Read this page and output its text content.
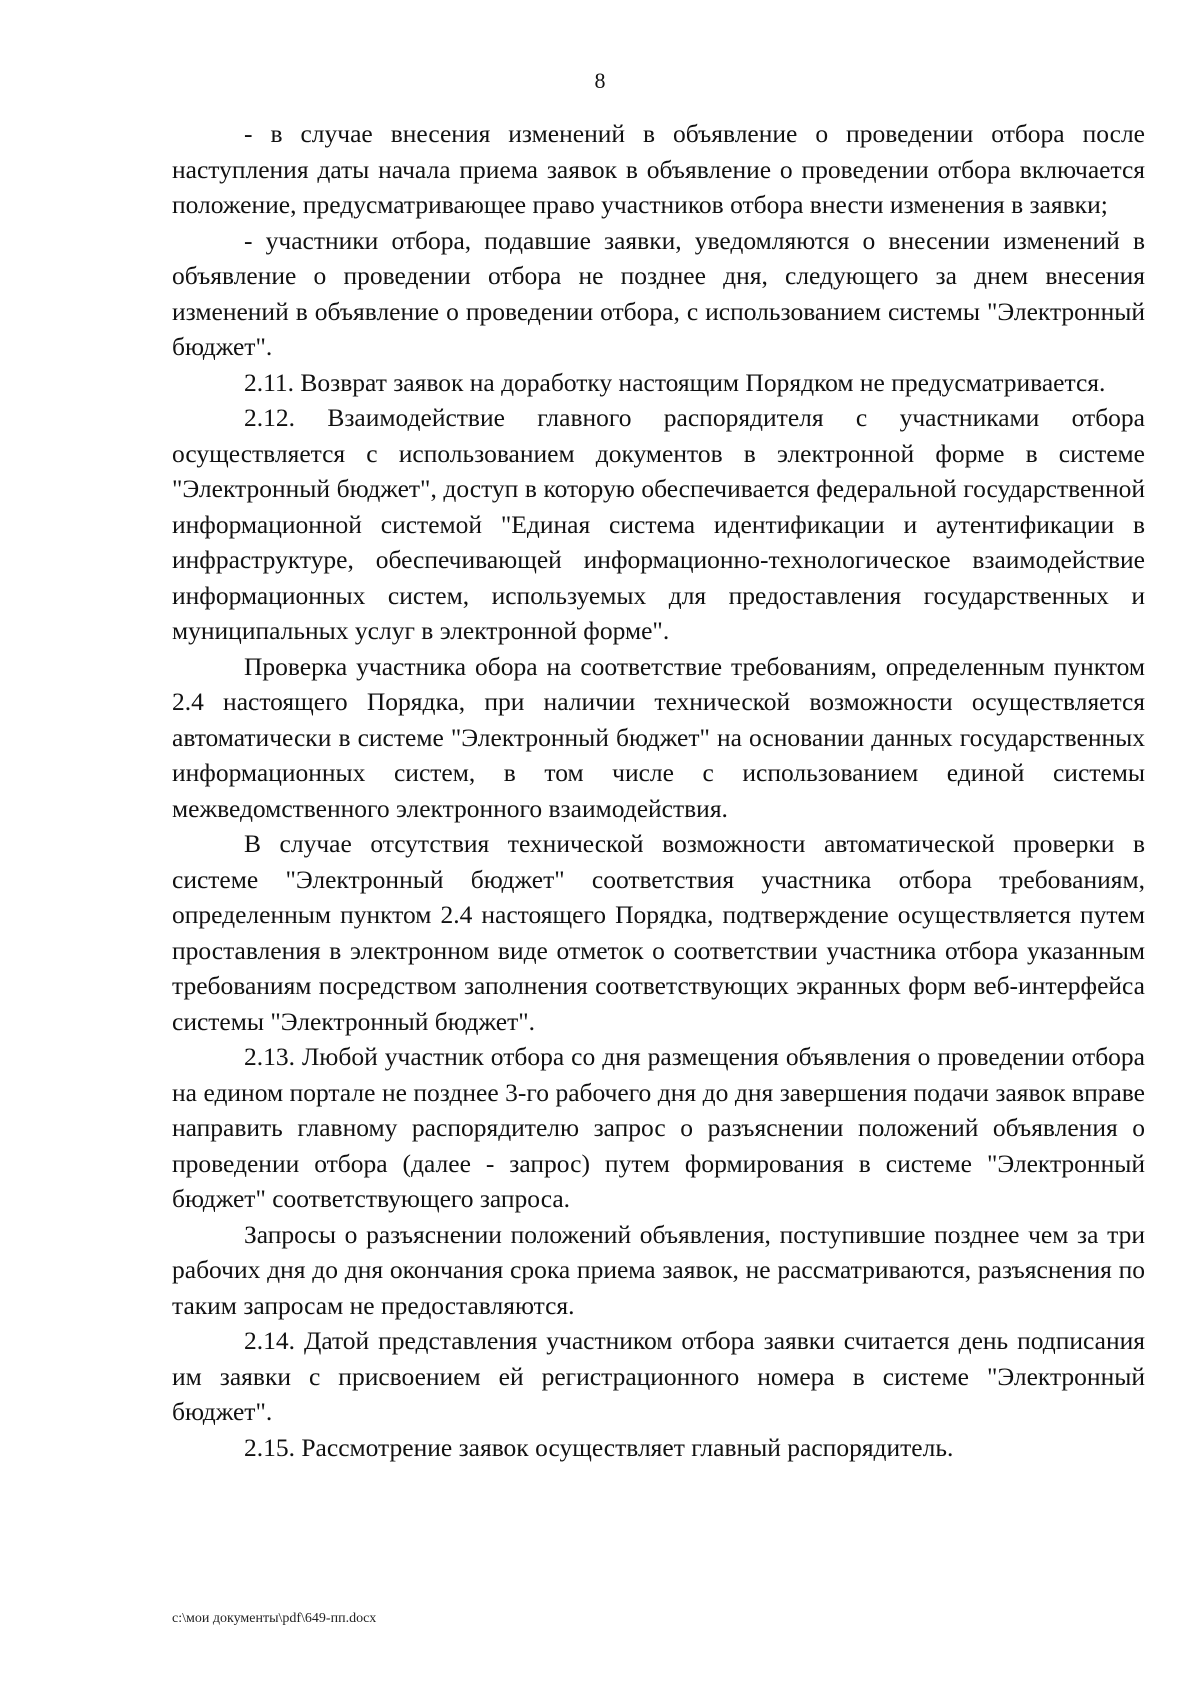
8

- в случае внесения изменений в объявление о проведении отбора после наступления даты начала приема заявок в объявление о проведении отбора включается положение, предусматривающее право участников отбора внести изменения в заявки;

- участники отбора, подавшие заявки, уведомляются о внесении изменений в объявление о проведении отбора не позднее дня, следующего за днем внесения изменений в объявление о проведении отбора, с использованием системы "Электронный бюджет".

2.11. Возврат заявок на доработку настоящим Порядком не предусматривается.

2.12. Взаимодействие главного распорядителя с участниками отбора осуществляется с использованием документов в электронной форме в системе "Электронный бюджет", доступ в которую обеспечивается федеральной государственной информационной системой "Единая система идентификации и аутентификации в инфраструктуре, обеспечивающей информационно-технологическое взаимодействие информационных систем, используемых для предоставления государственных и муниципальных услуг в электронной форме".

Проверка участника обора на соответствие требованиям, определенным пунктом 2.4 настоящего Порядка, при наличии технической возможности осуществляется автоматически в системе "Электронный бюджет" на основании данных государственных информационных систем, в том числе с использованием единой системы межведомственного электронного взаимодействия.

В случае отсутствия технической возможности автоматической проверки в системе "Электронный бюджет" соответствия участника отбора требованиям, определенным пунктом 2.4 настоящего Порядка, подтверждение осуществляется путем проставления в электронном виде отметок о соответствии участника отбора указанным требованиям посредством заполнения соответствующих экранных форм веб-интерфейса системы "Электронный бюджет".

2.13. Любой участник отбора со дня размещения объявления о проведении отбора на едином портале не позднее 3-го рабочего дня до дня завершения подачи заявок вправе направить главному распорядителю запрос о разъяснении положений объявления о проведении отбора (далее - запрос) путем формирования в системе "Электронный бюджет" соответствующего запроса.

Запросы о разъяснении положений объявления, поступившие позднее чем за три рабочих дня до дня окончания срока приема заявок, не рассматриваются, разъяснения по таким запросам не предоставляются.

2.14. Датой представления участником отбора заявки считается день подписания им заявки с присвоением ей регистрационного номера в системе "Электронный бюджет".

2.15. Рассмотрение заявок осуществляет главный распорядитель.

c:\мои документы\pdf\649-пп.docx
